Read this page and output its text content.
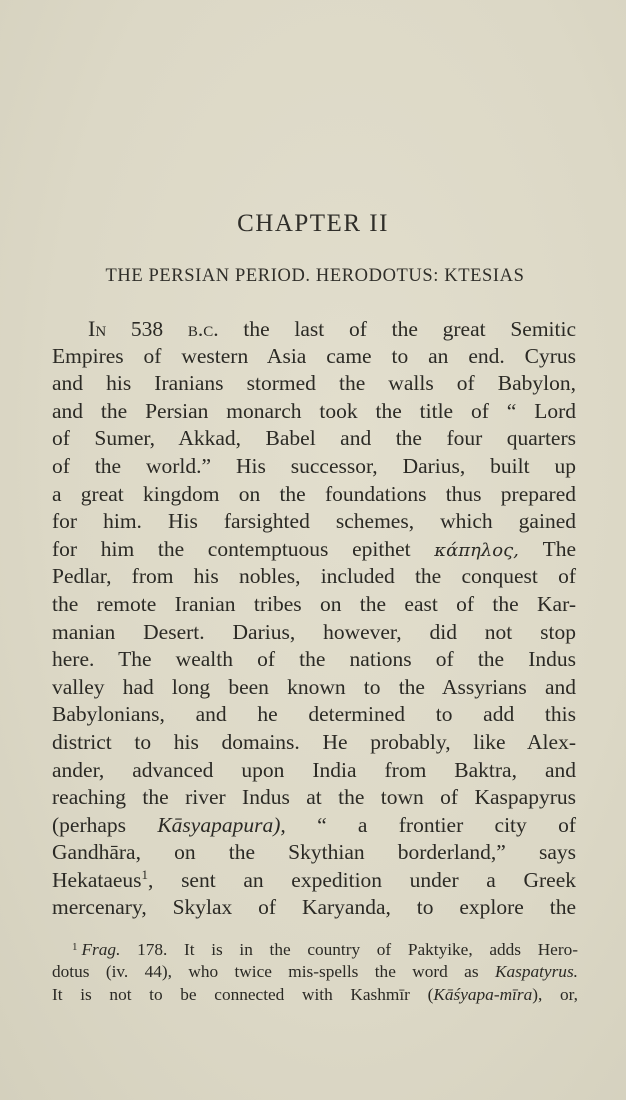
CHAPTER II
THE PERSIAN PERIOD. HERODOTUS: KTESIAS
In 538 b.c. the last of the great Semitic
Empires of western Asia came to an end. Cyrus
and his Iranians stormed the walls of Babylon,
and the Persian monarch took the title of “ Lord
of Sumer, Akkad, Babel and the four quarters
of the world.” His successor, Darius, built up
a great kingdom on the foundations thus prepared
for him. His farsighted schemes, which gained
for him the contemptuous epithet κάπηλος, The
Pedlar, from his nobles, included the conquest of
the remote Iranian tribes on the east of the Kar-
manian Desert. Darius, however, did not stop
here. The wealth of the nations of the Indus
valley had long been known to the Assyrians and
Babylonians, and he determined to add this
district to his domains. He probably, like Alex-
ander, advanced upon India from Baktra, and
reaching the river Indus at the town of Kaspapyrus
(perhaps Kāsyapapura), “ a frontier city of
Gandhāra, on the Skythian borderland,” says
Hekataeus$^1$, sent an expedition under a Greek
mercenary, Skylax of Karyanda, to explore the
$^1$ Frag. 178. It is in the country of Paktyike, adds Hero-
dotus (iv. 44), who twice mis-spells the word as Kaspatyrus.
It is not to be connected with Kashmīr (Kāśyapa-mīra), or,
